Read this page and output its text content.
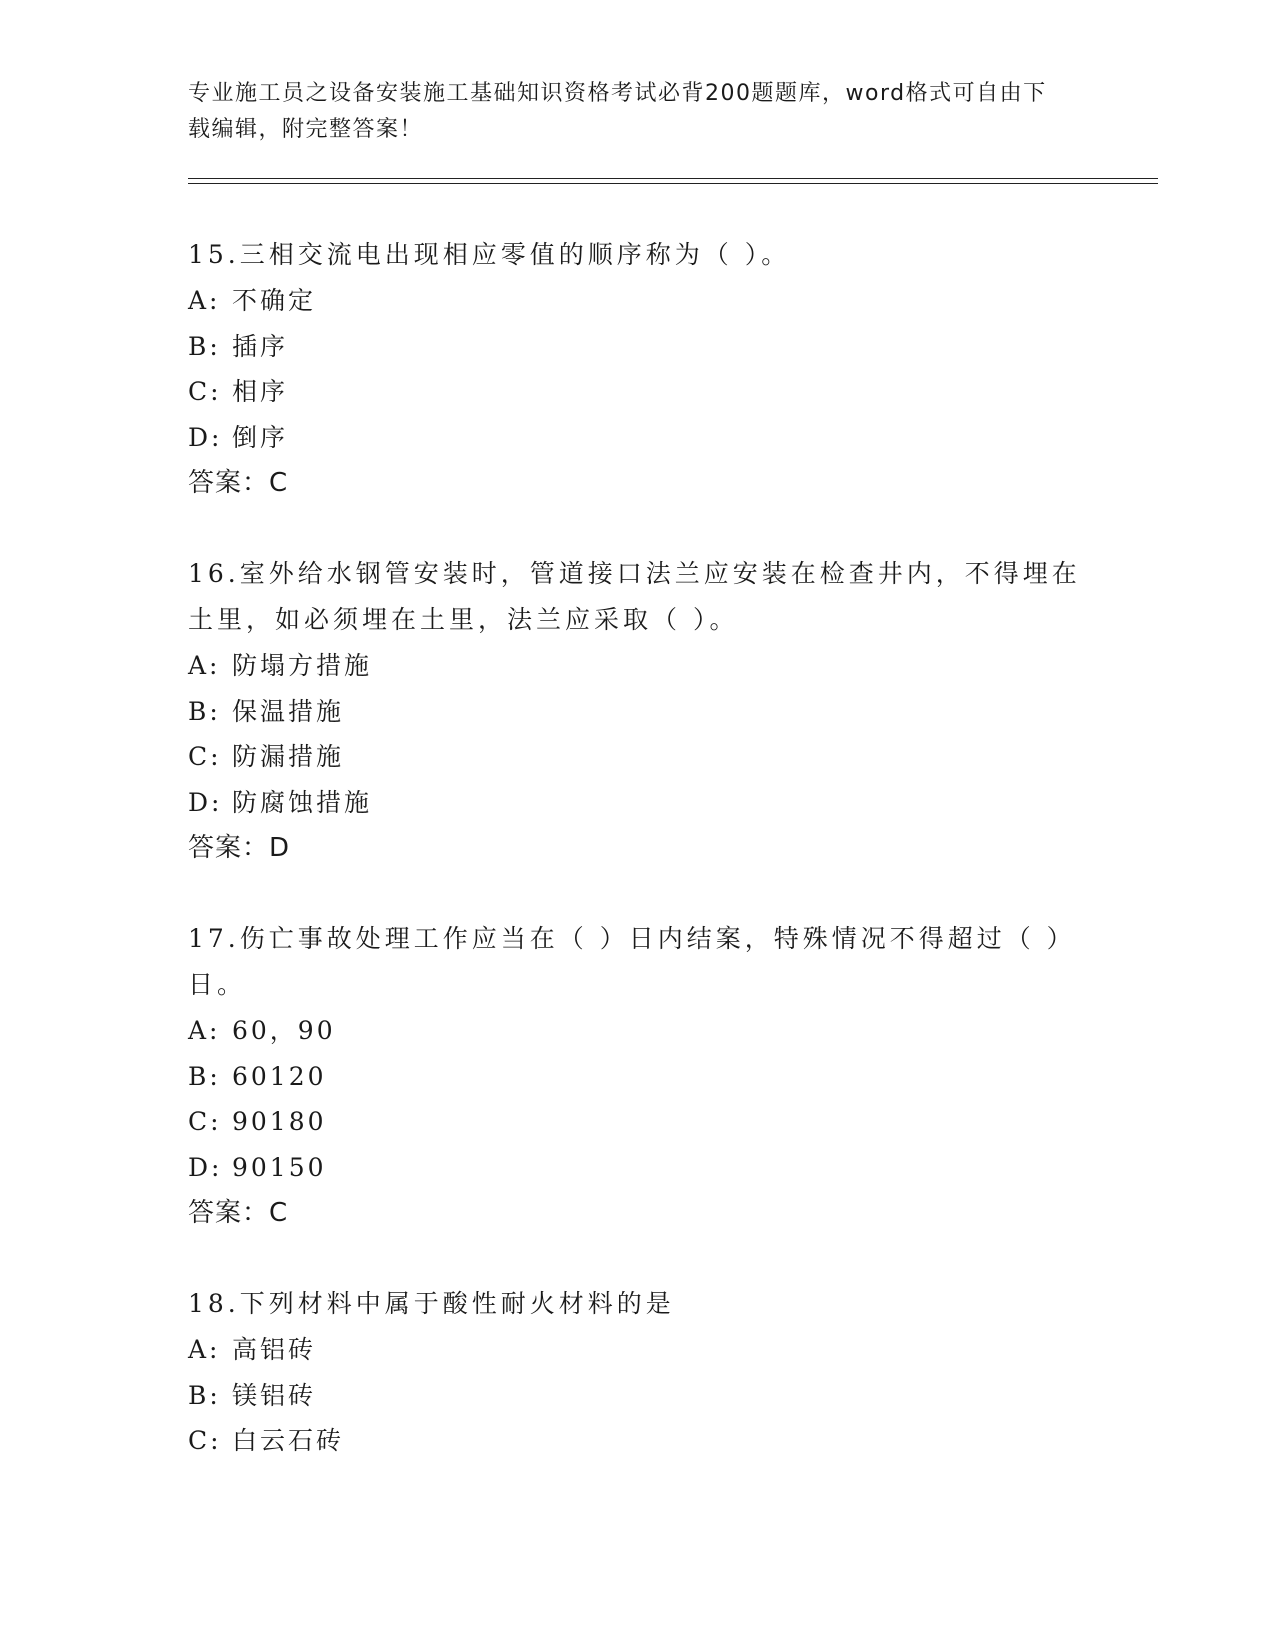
专业施工员之设备安装施工基础知识资格考试必背200题题库，word格式可自由下载编辑，附完整答案！

15.三相交流电出现相应零值的顺序称为（ ）。

A: 不确定
B: 插序
C: 相序
D: 倒序

答案：C

16.室外给水钢管安装时，管道接口法兰应安装在检查井内，不得埋在土里，如必须埋在土里，法兰应采取（ ）。

A: 防塌方措施
B: 保温措施
C: 防漏措施
D: 防腐蚀措施

答案：D

17.伤亡事故处理工作应当在（ ）日内结案，特殊情况不得超过（ ）日。

A: 60，90
B: 60120
C: 90180
D: 90150

答案：C

18.下列材料中属于酸性耐火材料的是

A: 高铝砖
B: 镁铝砖
C: 白云石砖
